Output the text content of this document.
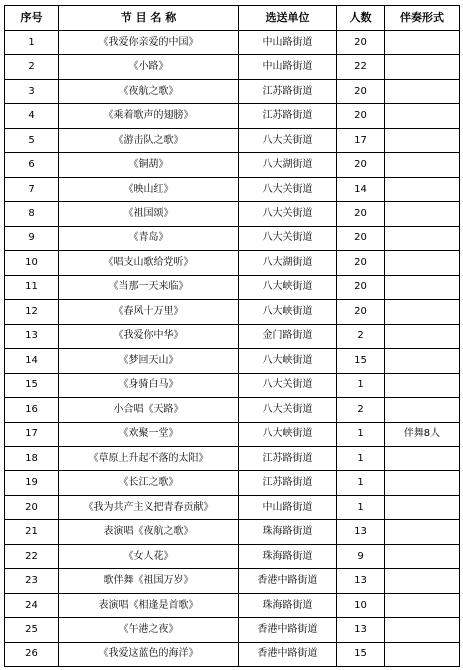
序号	节 目 名 称	选送单位	人数	伴奏形式
1	《我爱你亲爱的中国》	中山路街道	20	
2	《小路》	中山路街道	22	
3	《夜航之歌》	江苏路街道	20	
4	《乘着歌声的翅膀》	江苏路街道	20	
5	《游击队之歌》	八大关街道	17	
6	《铜葫》	八大湖街道	20	
7	《映山红》	八大关街道	14	
8	《祖国颂》	八大关街道	20	
9	《青岛》	八大关街道	20	
10	《唱支山歌给党听》	八大湖街道	20	
11	《当那一天来临》	八大峡街道	20	
12	《春风十万里》	八大峡街道	20	
13	《我爱你中华》	金门路街道	2	
14	《梦回天山》	八大峡街道	15	
15	《身骑白马》	八大关街道	1	
16	小合唱《天路》	八大关街道	2	
17	《欢聚一堂》	八大峡街道	1	伴舞8人
18	《草原上升起不落的太阳》	江苏路街道	1	
19	《长江之歌》	江苏路街道	1	
20	《我为共产主义把青春贡献》	中山路街道	1	
21	表演唱《夜航之歌》	珠海路街道	13	
22	《女人花》	珠海路街道	9	
23	歌伴舞《祖国万岁》	香港中路街道	13	
24	表演唱《相逢是首歌》	珠海路街道	10	
25	《午港之夜》	香港中路街道	13	
26	《我爱这蓝色的海洋》	香港中路街道	15	
